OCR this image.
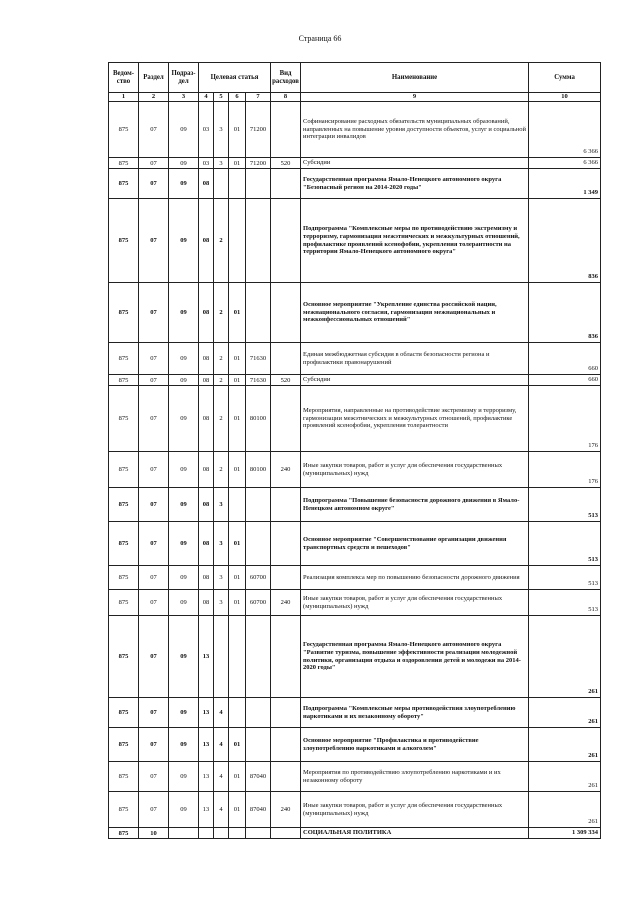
Страница 66
Ведом-ство	Раздел	Подраз-дел	Целевая статья				Вид расходов	Наименование	Сумма
1	2	3	4	5	6	7	8	9	10
875	07	09	03	3	01	71200		Софинансирование расходных обязательств муниципальных образований, направленных на повышение уровня доступности объектов, услуг и социальной интеграции инвалидов	6 366
875	07	09	03	3	01	71200	520	Субсидии	6 366
875	07	09	08					Государственная программа Ямало-Ненецкого автономного округа "Безопасный регион на 2014-2020 годы"	1 349
875	07	09	08	2				Подпрограмма "Комплексные меры по противодействию экстремизму и терроризму, гармонизация межэтнических и межкультурных отношений, профилактике проявлений ксенофобии, укрепления толерантности на территории Ямало-Ненецкого автономного округа"	836
875	07	09	08	2	01			Основное мероприятие "Укрепление единства российской нации, межнационального согласия, гармонизация межнациональных и межконфессиональных отношений"	836
875	07	09	08	2	01	71630		Единая межбюджетная субсидия в области безопасности региона и профилактики правонарушений	660
875	07	09	08	2	01	71630	520	Субсидии	660
875	07	09	08	2	01	80100		Мероприятия, направленные на противодействие экстремизму и терроризму, гармонизации межэтнических и межкультурных отношений, профилактике проявлений ксенофобии, укрепления толерантности	176
875	07	09	08	2	01	80100	240	Иные закупки товаров, работ и услуг для обеспечения государственных (муниципальных) нужд	176
875	07	09	08	3				Подпрограмма "Повышение безопасности дорожного движения в Ямало-Ненецком автономном округе"	513
875	07	09	08	3	01			Основное мероприятие "Совершенствование организации движения транспортных средств и пешеходов"	513
875	07	09	08	3	01	60700		Реализация комплекса мер по повышению безопасности дорожного движения	513
875	07	09	08	3	01	60700	240	Иные закупки товаров, работ и услуг для обеспечения государственных (муниципальных) нужд	513
875	07	09	13					Государственная программа Ямало-Ненецкого автономного округа "Развитие туризма, повышение эффективности реализации молодежной политики, организация отдыха и оздоровления детей и молодежи на 2014-2020 годы"	261
875	07	09	13	4				Подпрограмма "Комплексные меры противодействия злоупотреблению наркотиками и их незаконному обороту"	261
875	07	09	13	4	01			Основное мероприятие "Профилактика и противодействие злоупотреблению наркотиками и алкоголем"	261
875	07	09	13	4	01	87040		Мероприятия по противодействию злоупотреблению наркотиками и их незаконному обороту	261
875	07	09	13	4	01	87040	240	Иные закупки товаров, работ и услуг для обеспечения государственных (муниципальных) нужд	261
875	10							СОЦИАЛЬНАЯ ПОЛИТИКА	1 309 334
